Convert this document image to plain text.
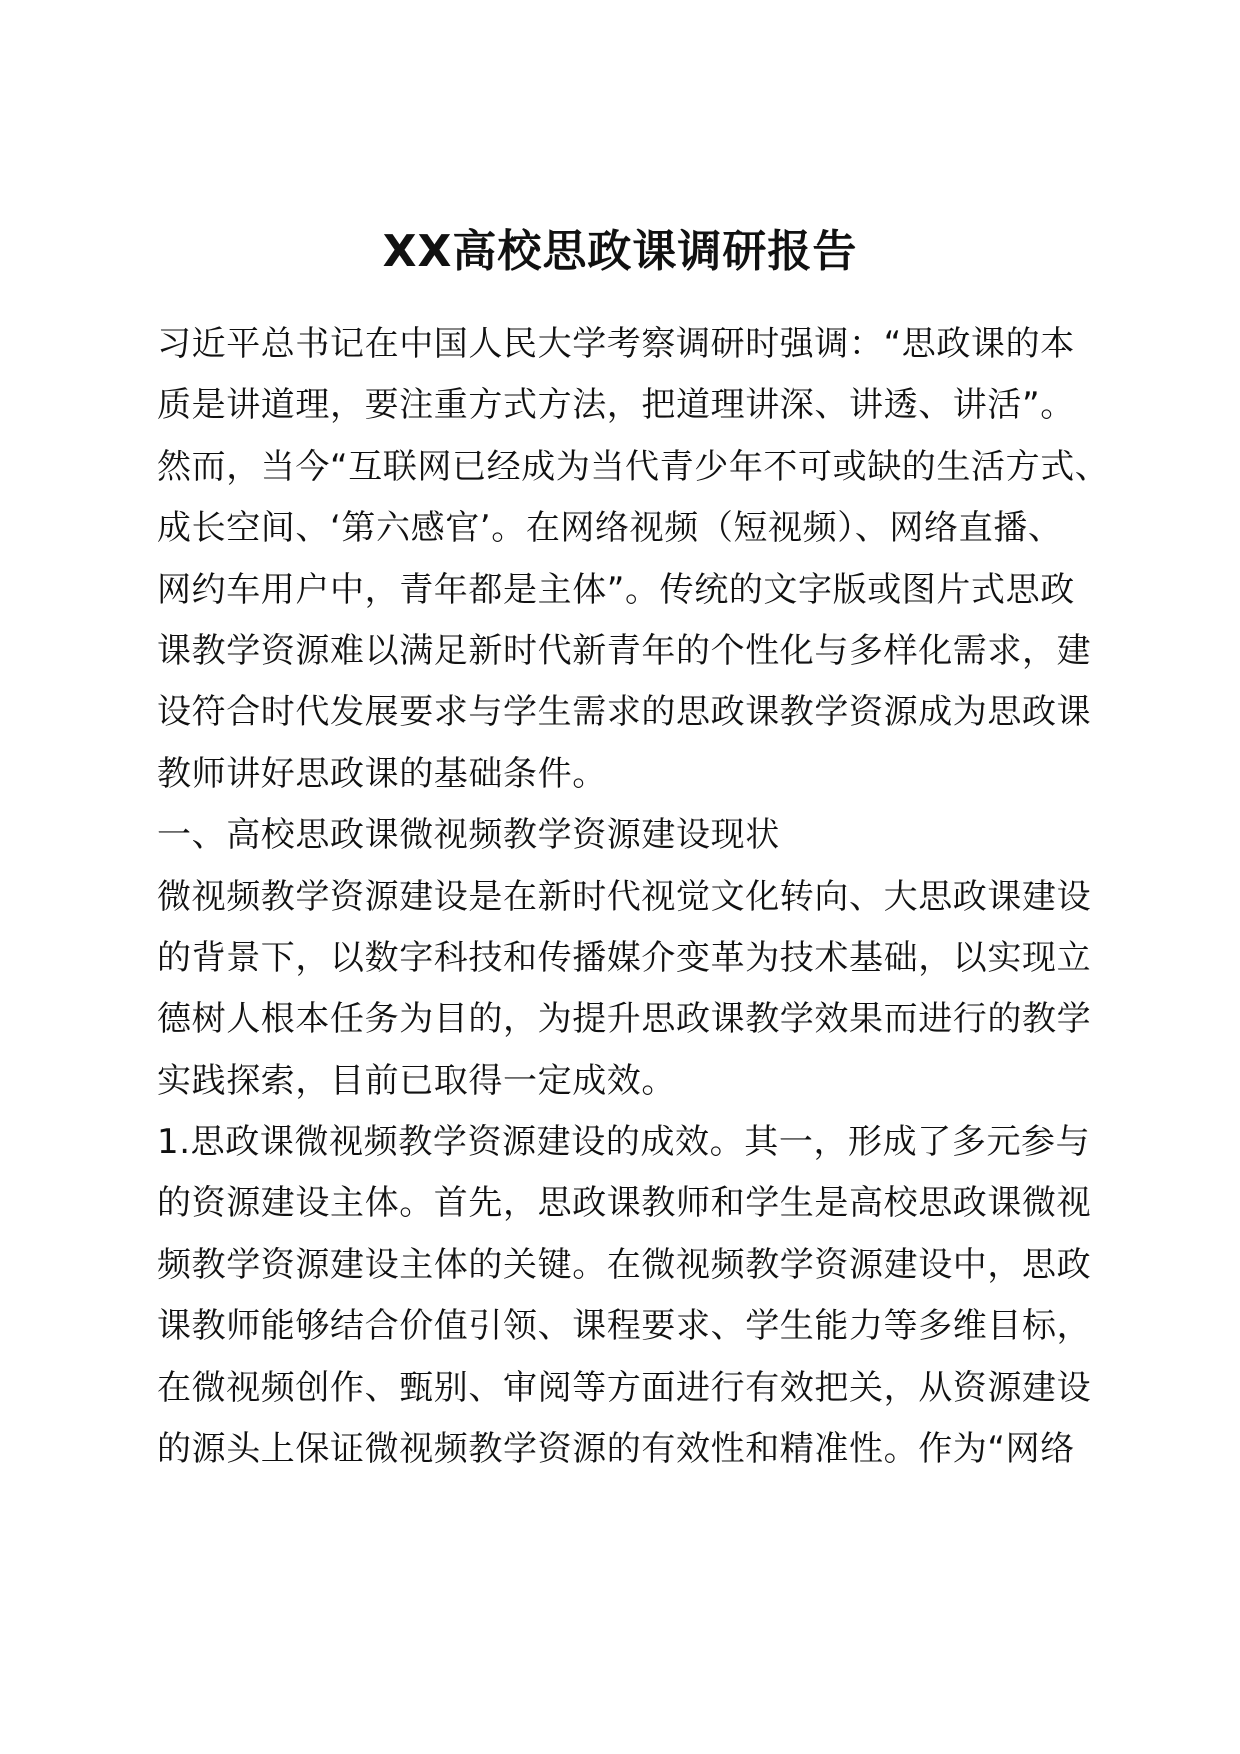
XX高校思政课调研报告
习近平总书记在中国人民大学考察调研时强调：“思政课的本
质是讲道理，要注重方式方法，把道理讲深、讲透、讲活”。
然而，当今“互联网已经成为当代青少年不可或缺的生活方式、
成长空间、‘第六感官’。在网络视频（短视频）、网络直播、
网约车用户中，青年都是主体”。传统的文字版或图片式思政
课教学资源难以满足新时代新青年的个性化与多样化需求，建
设符合时代发展要求与学生需求的思政课教学资源成为思政课
教师讲好思政课的基础条件。
一、高校思政课微视频教学资源建设现状
微视频教学资源建设是在新时代视觉文化转向、大思政课建设
的背景下，以数字科技和传播媒介变革为技术基础，以实现立
德树人根本任务为目的，为提升思政课教学效果而进行的教学
实践探索，目前已取得一定成效。
1.思政课微视频教学资源建设的成效。其一，形成了多元参与
的资源建设主体。首先，思政课教师和学生是高校思政课微视
频教学资源建设主体的关键。在微视频教学资源建设中，思政
课教师能够结合价值引领、课程要求、学生能力等多维目标，
在微视频创作、甄别、审阅等方面进行有效把关，从资源建设
的源头上保证微视频教学资源的有效性和精准性。作为“网络
